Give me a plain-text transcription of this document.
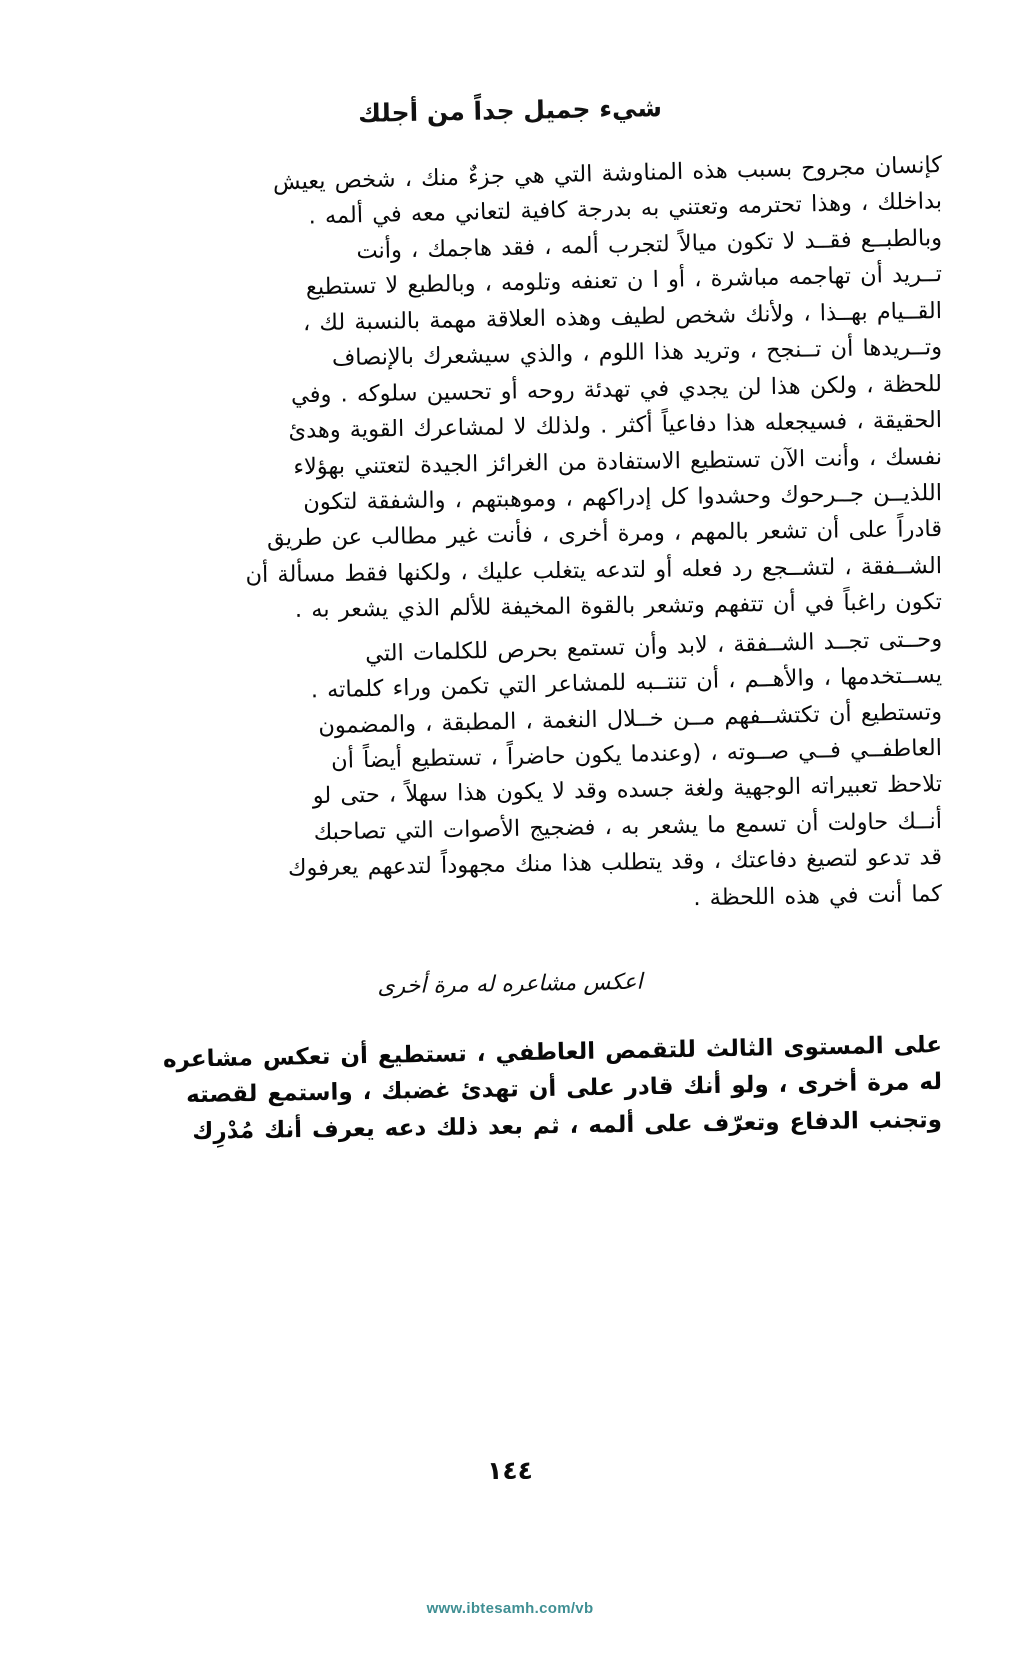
شيء جميل جداً من أجلك

كإنسان مجروح بسبب هذه المناوشة التي هي جزءٌ منك ، شخص يعيش
بداخلك ، وهذا تحترمه وتعتني به بدرجة كافية لتعاني معه في ألمه .
وبالطبــع فقــد لا تكون ميالاً لتجرب ألمه ، فقد هاجمك ، وأنت
تــريد أن تهاجمه مباشرة ، أو ا ن تعنفه وتلومه ، وبالطبع لا تستطيع
القــيام بهــذا ، ولأنك شخص لطيف وهذه العلاقة مهمة بالنسبة لك ،
وتــريدها أن تــنجح ، وتريد هذا اللوم ، والذي سيشعرك بالإنصاف
للحظة ، ولكن هذا لن يجدي في تهدئة روحه أو تحسين سلوكه . وفي
الحقيقة ، فسيجعله هذا دفاعياً أكثر . ولذلك لا لمشاعرك القوية وهدئ
نفسك ، وأنت الآن تستطيع الاستفادة من الغرائز الجيدة لتعتني بهؤلاء
اللذيــن جــرحوك وحشدوا كل إدراكهم ، وموهبتهم ، والشفقة لتكون
قادراً على أن تشعر بالمهم ، ومرة أخرى ، فأنت غير مطالب عن طريق
الشــفقة ، لتشــجع رد فعله أو لتدعه يتغلب عليك ، ولكنها فقط مسألة أن
تكون راغباً في أن تتفهم وتشعر بالقوة المخيفة للألم الذي يشعر به .

وحــتى تجــد الشــفقة ، لابد وأن تستمع بحرص للكلمات التي
يســتخدمها ، والأهــم ، أن تنتــبه للمشاعر التي تكمن وراء كلماته .
وتستطيع أن تكتشــفهم مــن خــلال النغمة ، المطبقة ، والمضمون
العاطفــي فــي صــوته ، (وعندما يكون حاضراً ، تستطيع أيضاً أن
تلاحظ تعبيراته الوجهية ولغة جسده وقد لا يكون هذا سهلاً ، حتى لو
أنــك حاولت أن تسمع ما يشعر به ، فضجيج الأصوات التي تصاحبك
قد تدعو لتصيغ دفاعتك ، وقد يتطلب هذا منك مجهوداً لتدعهم يعرفوك
كما أنت في هذه اللحظة .

اعكس مشاعره له مرة أخرى

على المستوى الثالث للتقمص العاطفي ، تستطيع أن تعكس مشاعره
له مرة أخرى ، ولو أنك قادر على أن تهدئ غضبك ، واستمع لقصته
وتجنب الدفاع وتعرّف على ألمه ، ثم بعد ذلك دعه يعرف أنك مُدْرِك

١٤٤
www.ibtesamh.com/vb
